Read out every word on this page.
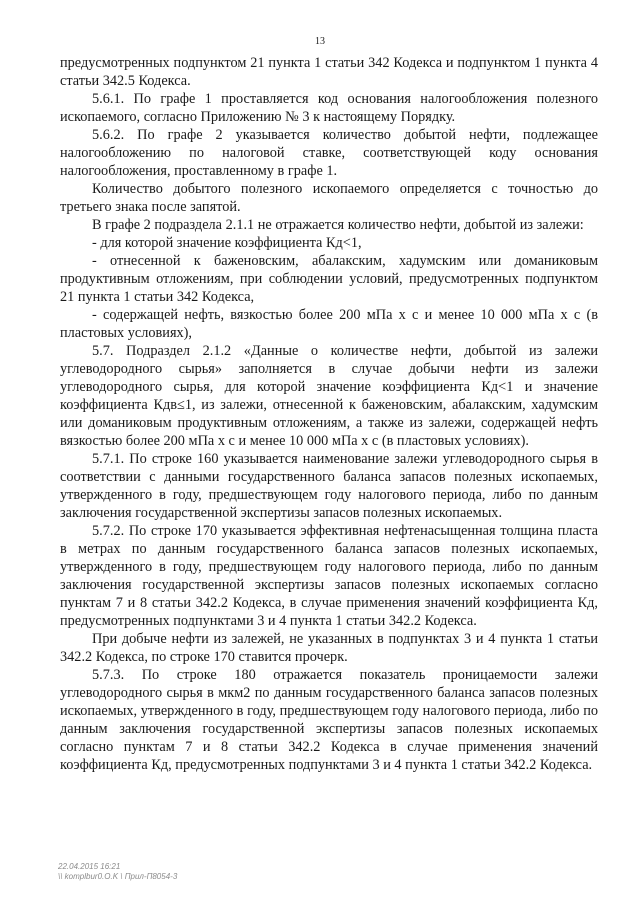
13

предусмотренных подпунктом 21 пункта 1 статьи 342 Кодекса и подпунктом 1 пункта 4 статьи 342.5 Кодекса.

5.6.1. По графе 1 проставляется код основания налогообложения полезного ископаемого, согласно Приложению № 3 к настоящему Порядку.

5.6.2. По графе 2 указывается количество добытой нефти, подлежащее налогообложению по налоговой ставке, соответствующей коду основания налогообложения, проставленному в графе 1.

Количество добытого полезного ископаемого определяется с точностью до третьего знака после запятой.

В графе 2 подраздела 2.1.1 не отражается количество нефти, добытой из залежи:

- для которой значение коэффициента Кд<1,

- отнесенной к баженовским, абалакским, хадумским или доманиковым продуктивным отложениям, при соблюдении условий, предусмотренных подпунктом 21 пункта 1 статьи 342 Кодекса,

- содержащей нефть, вязкостью более 200 мПа х с и менее 10 000 мПа х с (в пластовых условиях),

5.7. Подраздел 2.1.2 «Данные о количестве нефти, добытой из залежи углеводородного сырья» заполняется в случае добычи нефти из залежи углеводородного сырья, для которой значение коэффициента Кд<1 и значение коэффициента Кдв≤1, из залежи, отнесенной к баженовским, абалакским, хадумским или доманиковым продуктивным отложениям, а также из залежи, содержащей нефть вязкостью более 200 мПа х с и менее 10 000 мПа х с (в пластовых условиях).

5.7.1. По строке 160 указывается наименование залежи углеводородного сырья в соответствии с данными государственного баланса запасов полезных ископаемых, утвержденного в году, предшествующем году налогового периода, либо по данным заключения государственной экспертизы запасов полезных ископаемых.

5.7.2. По строке 170 указывается эффективная нефтенасыщенная толщина пласта в метрах по данным государственного баланса запасов полезных ископаемых, утвержденного в году, предшествующем году налогового периода, либо по данным заключения государственной экспертизы запасов полезных ископаемых согласно пунктам 7 и 8 статьи 342.2 Кодекса, в случае применения значений коэффициента Кд, предусмотренных подпунктами 3 и 4 пункта 1 статьи 342.2 Кодекса.

При добыче нефти из залежей, не указанных в подпунктах 3 и 4 пункта 1 статьи 342.2 Кодекса, по строке 170 ставится прочерк.

5.7.3. По строке 180 отражается показатель проницаемости залежи углеводородного сырья в мкм2 по данным государственного баланса запасов полезных ископаемых, утвержденного в году, предшествующем году налогового периода, либо по данным заключения государственной экспертизы запасов полезных ископаемых согласно пунктам 7 и 8 статьи 342.2 Кодекса в случае применения значений коэффициента Кд, предусмотренных подпунктами 3 и 4 пункта 1 статьи 342.2 Кодекса.

22.04.2015 16:21
\\ komplbur0.O.K \ Прил-П8054-3
